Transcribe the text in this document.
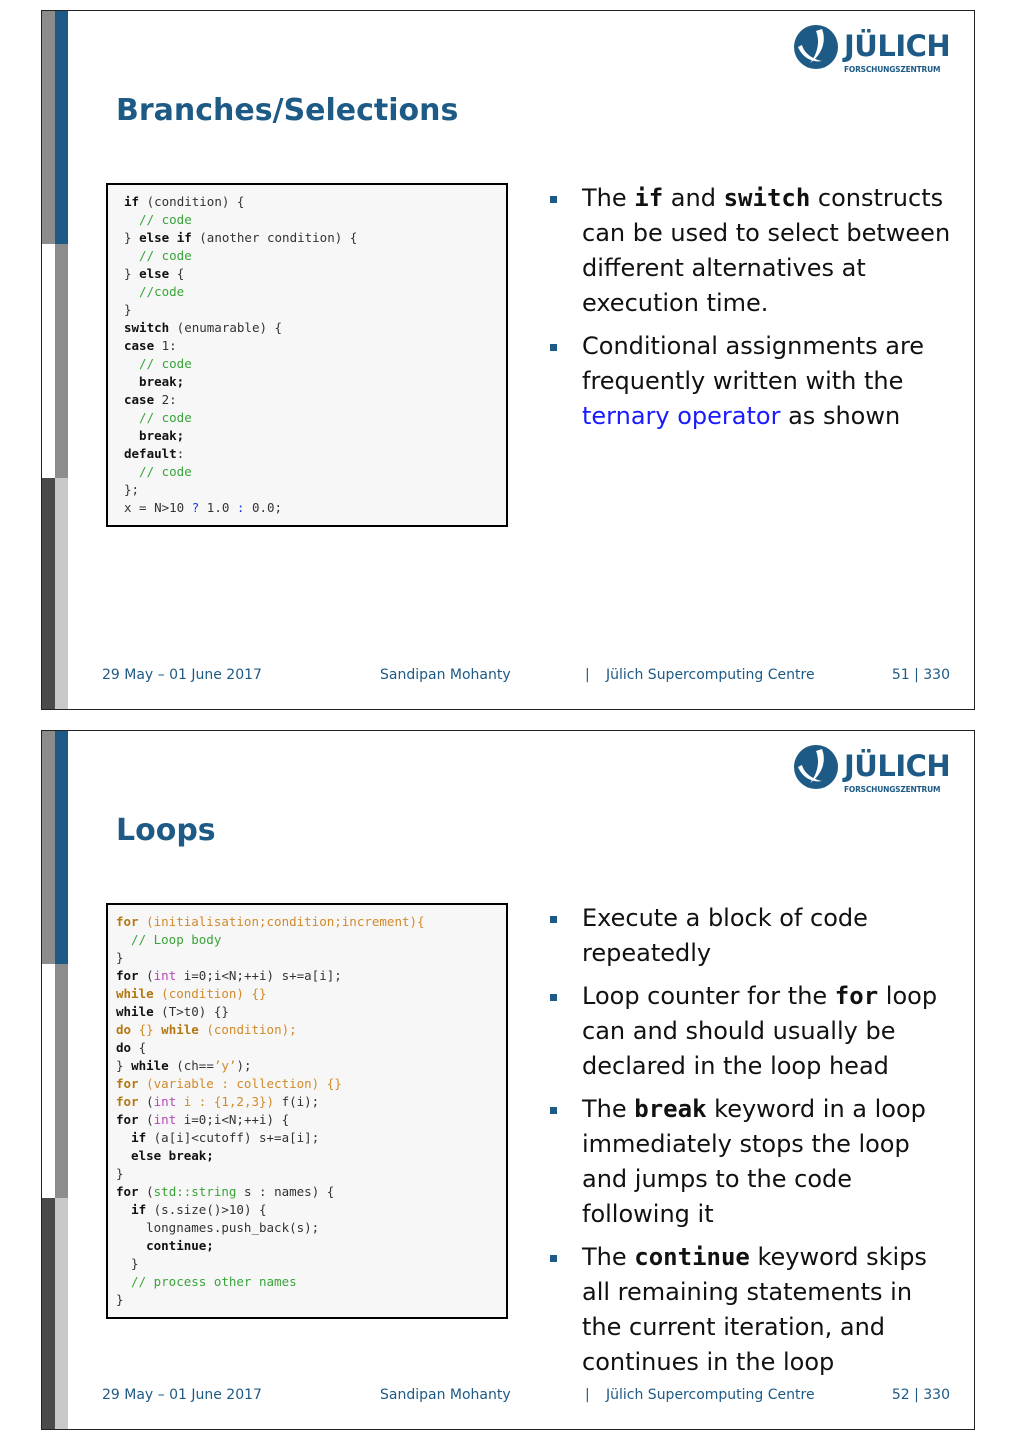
JÜLICH
FORSCHUNGSZENTRUM
Branches/Selections
if (condition) {
// code
} else if (another condition) {
// code
} else {
//code
}
switch (enumarable) {
case 1:
// code
break;
case 2:
// code
break;
default:
// code
};
x = N>10 ? 1.0 : 0.0;
The if and switch constructs can be used to select between different alternatives at execution time.
Conditional assignments are frequently written with the ternary operator as shown
29 May – 01 June 2017	Sandipan Mohanty	| Jülich Supercomputing Centre	51 | 330
JÜLICH
FORSCHUNGSZENTRUM
Loops
for (initialisation;condition;increment){
// Loop body
}
for (int i=0;i<N;++i) s+=a[i];
while (condition) {}
while (T>t0) {}
do {} while (condition);
do {
} while (ch==’y’);
for (variable : collection) {}
for (int i : {1,2,3}) f(i);
for (int i=0;i<N;++i) {
if (a[i]<cutoff) s+=a[i];
else break;
}
for (std::string s : names) {
if (s.size()>10) {
longnames.push_back(s);
continue;
}
// process other names
}
Execute a block of code repeatedly
Loop counter for the for loop can and should usually be declared in the loop head
The break keyword in a loop immediately stops the loop and jumps to the code following it
The continue keyword skips all remaining statements in the current iteration, and continues in the loop
29 May – 01 June 2017	Sandipan Mohanty	| Jülich Supercomputing Centre	52 | 330
